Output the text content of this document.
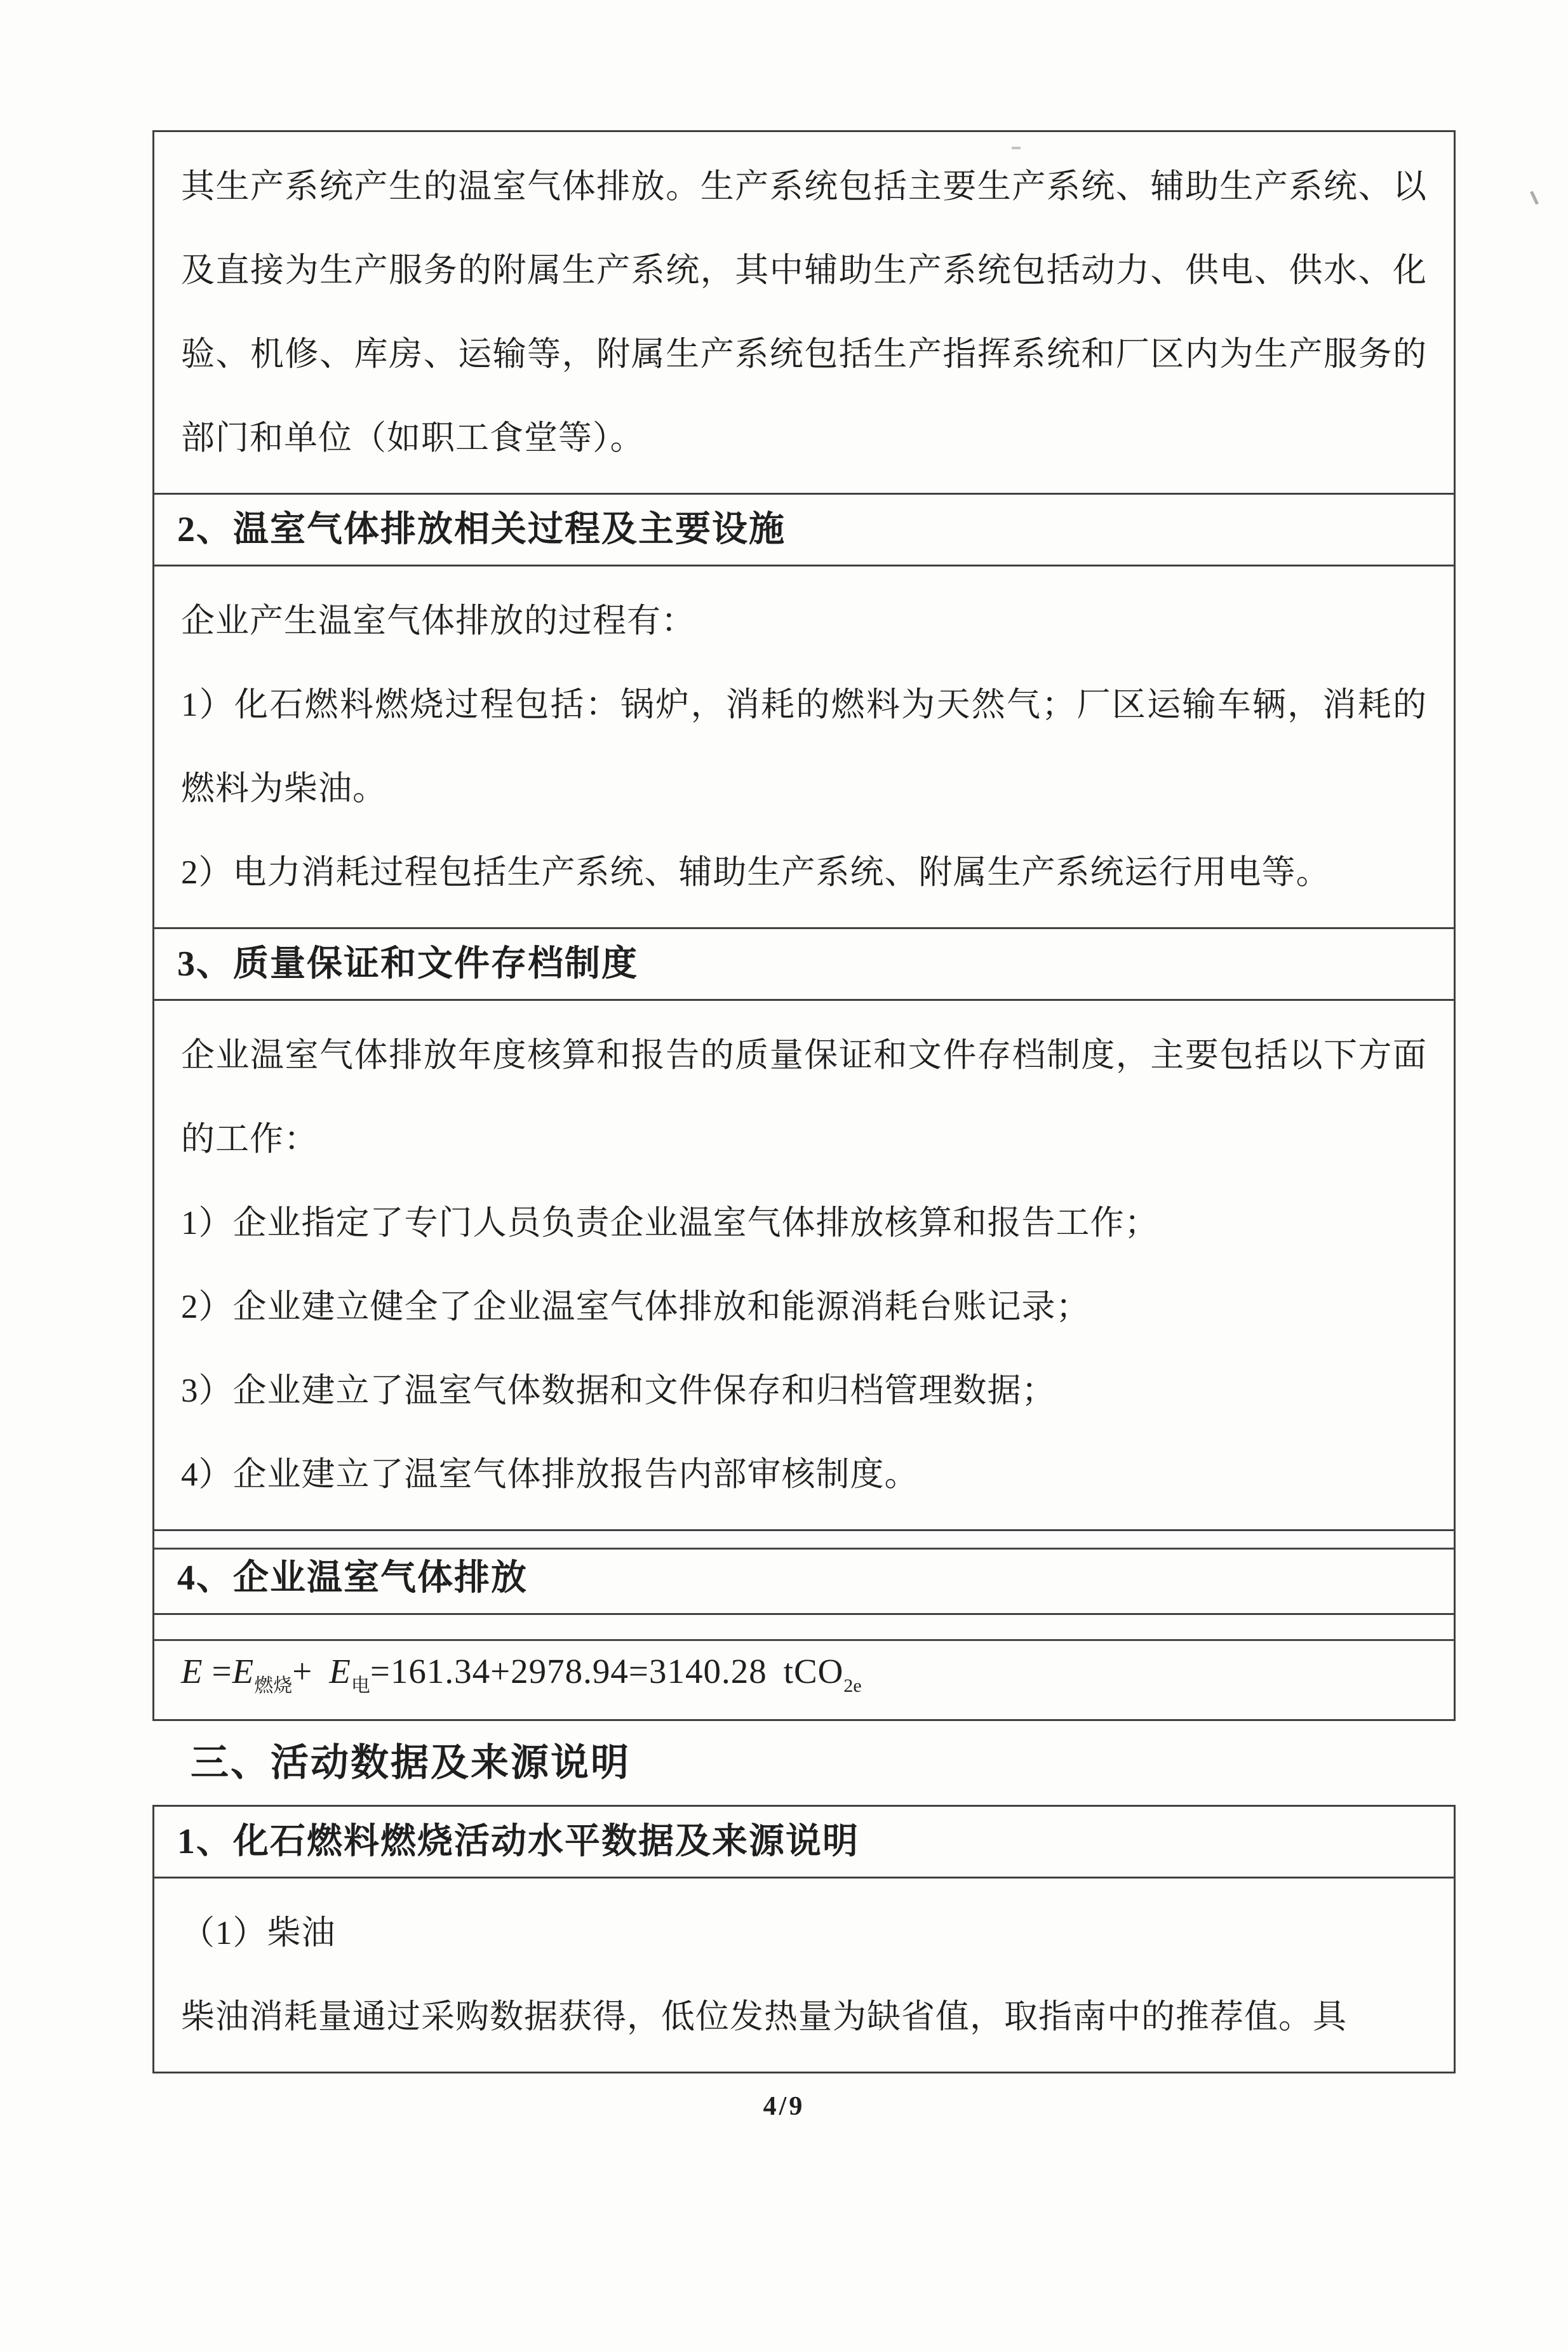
其生产系统产生的温室气体排放。生产系统包括主要生产系统、辅助生产系统、以及直接为生产服务的附属生产系统，其中辅助生产系统包括动力、供电、供水、化验、机修、库房、运输等，附属生产系统包括生产指挥系统和厂区内为生产服务的部门和单位（如职工食堂等）。

2、温室气体排放相关过程及主要设施

企业产生温室气体排放的过程有：

1）化石燃料燃烧过程包括：锅炉，消耗的燃料为天然气；厂区运输车辆，消耗的燃料为柴油。

2）电力消耗过程包括生产系统、辅助生产系统、附属生产系统运行用电等。

3、质量保证和文件存档制度

企业温室气体排放年度核算和报告的质量保证和文件存档制度，主要包括以下方面的工作：

1）企业指定了专门人员负责企业温室气体排放核算和报告工作；

2）企业建立健全了企业温室气体排放和能源消耗台账记录；

3）企业建立了温室气体数据和文件保存和归档管理数据；

4）企业建立了温室气体排放报告内部审核制度。

4、企业温室气体排放

$E =E_{燃烧}+ E_电=161.34+2978.94=3140.28$ tCO$_{2e}$

三、活动数据及来源说明

1、化石燃料燃烧活动水平数据及来源说明

（1）柴油

柴油消耗量通过采购数据获得，低位发热量为缺省值，取指南中的推荐值。具

4/9
